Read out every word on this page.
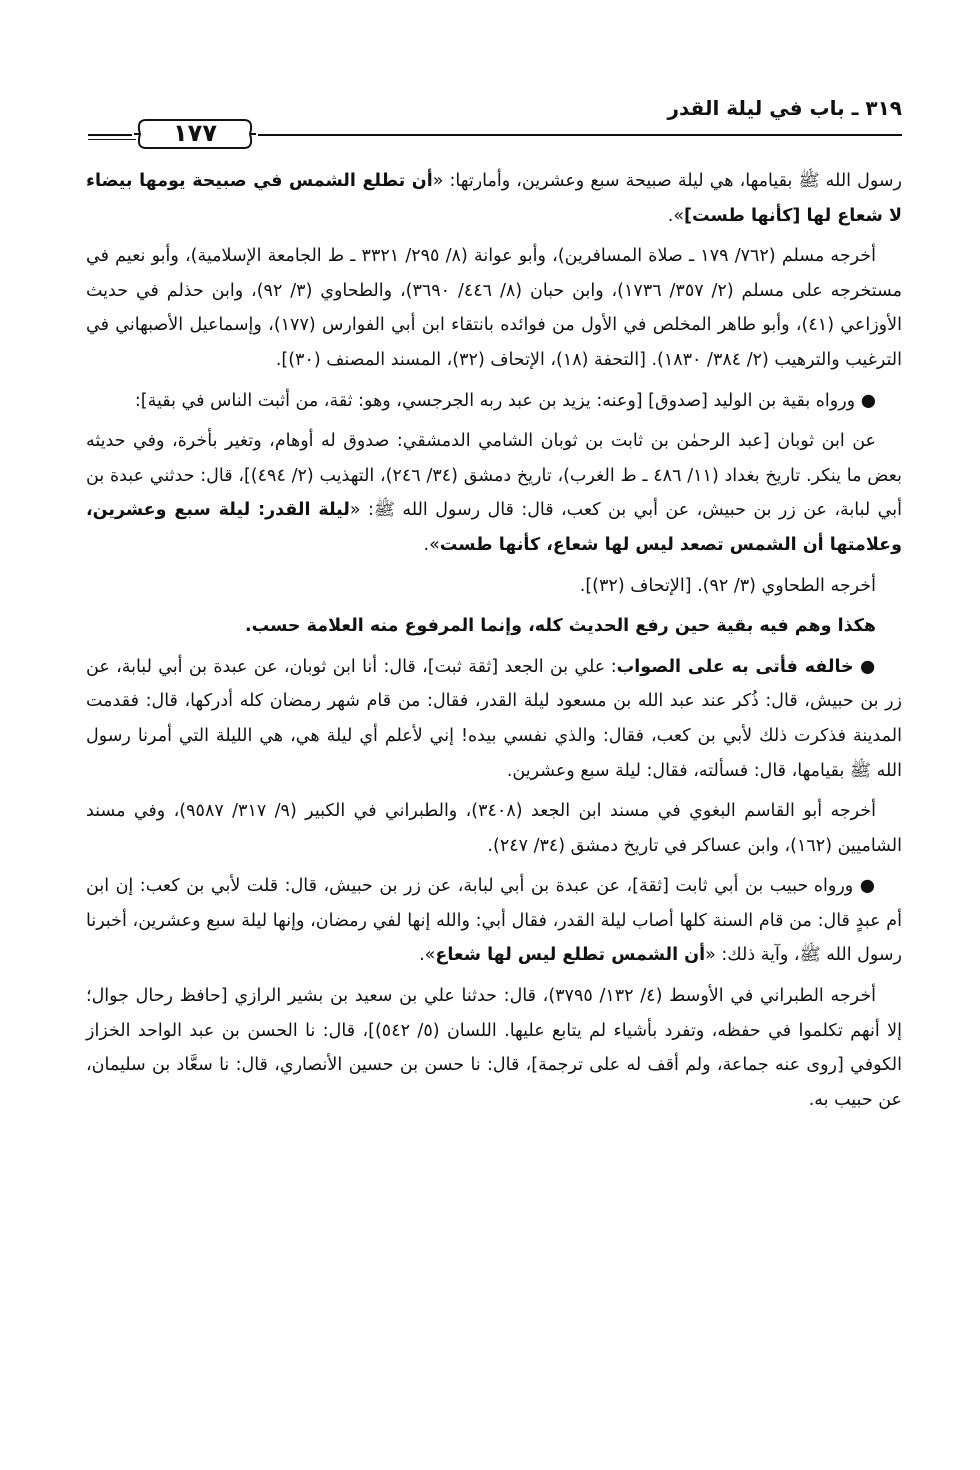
١٧٧
٣١٩ ـ باب في ليلة القدر

رسول الله ﷺ بقيامها، هي ليلة صبيحة سبع وعشرين، وأمارتها: «أن تطلع الشمس في صبيحة يومها بيضاء لا شعاع لها [كأنها طست]».

أخرجه مسلم (٧٦٢/ ١٧٩ ـ صلاة المسافرين)، وأبو عوانة (٨/ ٢٩٥/ ٣٣٢١ ـ ط الجامعة الإسلامية)، وأبو نعيم في مستخرجه على مسلم (٢/ ٣٥٧/ ١٧٣٦)، وابن حبان (٨/ ٤٤٦/ ٣٦٩٠)، والطحاوي (٣/ ٩٢)، وابن حذلم في حديث الأوزاعي (٤١)، وأبو طاهر المخلص في الأول من فوائده بانتقاء ابن أبي الفوارس (١٧٧)، وإسماعيل الأصبهاني في الترغيب والترهيب (٢/ ٣٨٤/ ١٨٣٠). [التحفة (١٨)، الإتحاف (٣٢)، المسند المصنف (٣٠)].

● ورواه بقية بن الوليد [صدوق] [وعنه: يزيد بن عبد ربه الجرجسي، وهو: ثقة، من أثبت الناس في بقية]:

عن ابن ثوبان [عبد الرحمٰن بن ثابت بن ثوبان الشامي الدمشقي: صدوق له أوهام، وتغير بأخرة، وفي حديثه بعض ما ينكر. تاريخ بغداد (١١/ ٤٨٦ ـ ط الغرب)، تاريخ دمشق (٣٤/ ٢٤٦)، التهذيب (٢/ ٤٩٤)]، قال: حدثني عبدة بن أبي لبابة، عن زر بن حبيش، عن أبي بن كعب، قال: قال رسول الله ﷺ: «ليلة القدر: ليلة سبع وعشرين، وعلامتها أن الشمس تصعد ليس لها شعاع، كأنها طست».

أخرجه الطحاوي (٣/ ٩٢). [الإتحاف (٣٢)].

هكذا وهم فيه بقية حين رفع الحديث كله، وإنما المرفوع منه العلامة حسب.

● خالفه فأتى به على الصواب: علي بن الجعد [ثقة ثبت]، قال: أنا ابن ثوبان، عن عبدة بن أبي لبابة، عن زر بن حبيش، قال: ذُكر عند عبد الله بن مسعود ليلة القدر، فقال: من قام شهر رمضان كله أدركها، قال: فقدمت المدينة فذكرت ذلك لأبي بن كعب، فقال: والذي نفسي بيده! إني لأعلم أي ليلة هي، هي الليلة التي أمرنا رسول الله ﷺ بقيامها، قال: فسألته، فقال: ليلة سبع وعشرين.

أخرجه أبو القاسم البغوي في مسند ابن الجعد (٣٤٠٨)، والطبراني في الكبير (٩/ ٣١٧/ ٩٥٨٧)، وفي مسند الشاميين (١٦٢)، وابن عساكر في تاريخ دمشق (٣٤/ ٢٤٧).

● ورواه حبيب بن أبي ثابت [ثقة]، عن عبدة بن أبي لبابة، عن زر بن حبيش، قال: قلت لأبي بن كعب: إن ابن أم عبدٍ قال: من قام السنة كلها أصاب ليلة القدر، فقال أبي: والله إنها لفي رمضان، وإنها ليلة سبع وعشرين، أخبرنا رسول الله ﷺ، وآية ذلك: «أن الشمس تطلع ليس لها شعاع».

أخرجه الطبراني في الأوسط (٤/ ١٣٢/ ٣٧٩٥)، قال: حدثنا علي بن سعيد بن بشير الرازي [حافظ رحال جوال؛ إلا أنهم تكلموا في حفظه، وتفرد بأشياء لم يتابع عليها. اللسان (٥/ ٥٤٢)]، قال: نا الحسن بن عبد الواحد الخزاز الكوفي [روى عنه جماعة، ولم أقف له على ترجمة]، قال: نا حسن بن حسين الأنصاري، قال: نا سعَّاد بن سليمان، عن حبيب به.
